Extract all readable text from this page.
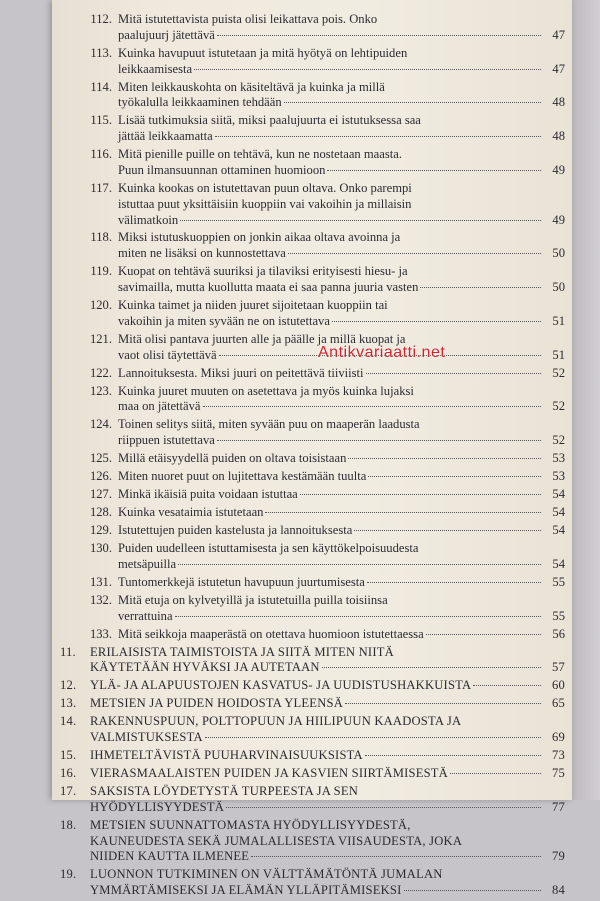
112. Mitä istutettavista puista olisi leikattava pois. Onko
paalujuurj jätettävä	47
113. Kuinka havupuut istutetaan ja mitä hyötyä on lehtipuiden
leikkaamisesta	47
114. Miten leikkauskohta on käsiteltävä ja kuinka ja millä
työkalulla leikkaaminen tehdään	48
115. Lisää tutkimuksia siitä, miksi paalujuurta ei istutuksessa saa
jättää leikkaamatta	48
116. Mitä pienille puille on tehtävä, kun ne nostetaan maasta.
Puun ilmansuunnan ottaminen huomioon	49
117. Kuinka kookas on istutettavan puun oltava. Onko parempi
istuttaa puut yksittäisiin kuoppiin vai vakoihin ja millaisin
välimatkoin	49
118. Miksi istutuskuoppien on jonkin aikaa oltava avoinna ja
miten ne lisäksi on kunnostettava	50
119. Kuopat on tehtävä suuriksi ja tilaviksi erityisesti hiesu- ja
savimailla, mutta kuollutta maata ei saa panna juuria vasten	50
120. Kuinka taimet ja niiden juuret sijoitetaan kuoppiin tai
vakoihin ja miten syvään ne on istutettava	51
121. Mitä olisi pantava juurten alle ja päälle ja millä kuopat ja
vaot olisi täytettävä	51
122. Lannoituksesta. Miksi juuri on peitettävä tiiviisti	52
123. Kuinka juuret muuten on asetettava ja myös kuinka lujaksi
maa on jätettävä	52
124. Toinen selitys siitä, miten syvään puu on maaperän laadusta
riippuen istutettava	52
125. Millä etäisyydellä puiden on oltava toisistaan	53
126. Miten nuoret puut on lujitettava kestämään tuulta	53
127. Minkä ikäisiä puita voidaan istuttaa	54
128. Kuinka vesataimia istutetaan	54
129. Istutettujen puiden kastelusta ja lannoituksesta	54
130. Puiden uudelleen istuttamisesta ja sen käyttökelpoisuudesta
metsäpuilla	54
131. Tuntomerkkejä istutetun havupuun juurtumisesta	55
132. Mitä etuja on kylvetyillä ja istutetuilla puilla toisiinsa
verrattuina	55
133. Mitä seikkoja maaperästä on otettava huomioon istutettaessa	56
11.	ERILAISISTA TAIMISTOISTA JA SIITÄ MITEN NIITÄ
KÄYTETÄÄN HYVÄKSI JA AUTETAAN	57
12.	YLÄ- JA ALAPUUSTOJEN KASVATUS- JA UUDISTUSHAKKUISTA	60
13.	METSIEN JA PUIDEN HOIDOSTA YLEENSÄ	65
14.	RAKENNUSPUUN, POLTTOPUUN JA HIILIPUUN KAADOSTA JA
VALMISTUKSESTA	69
15.	IHMETELTÄVISTÄ PUUHARVINAISUUKSISTA	73
16.	VIERASMAALAISTEN PUIDEN JA KASVIEN SIIRTÄMISESTÄ	75
17.	SAKSISTA LÖYDETYSTÄ TURPEESTA JA SEN
HYÖDYLLISYYDESTÄ	77
18.	METSIEN SUUNNATTOMASTA HYÖDYLLISYYDESTÄ,
KAUNEUDESTA SEKÄ JUMALALLISESTA VIISAUDESTA, JOKA
NIIDEN KAUTTA ILMENEE	79
19.	LUONNON TUTKIMINEN ON VÄLTTÄMÄTÖNTÄ JUMALAN
YMMÄRTÄMISEKSI JA ELÄMÄN YLLÄPITÄMISEKSI	84
Antikvariaatti.net
